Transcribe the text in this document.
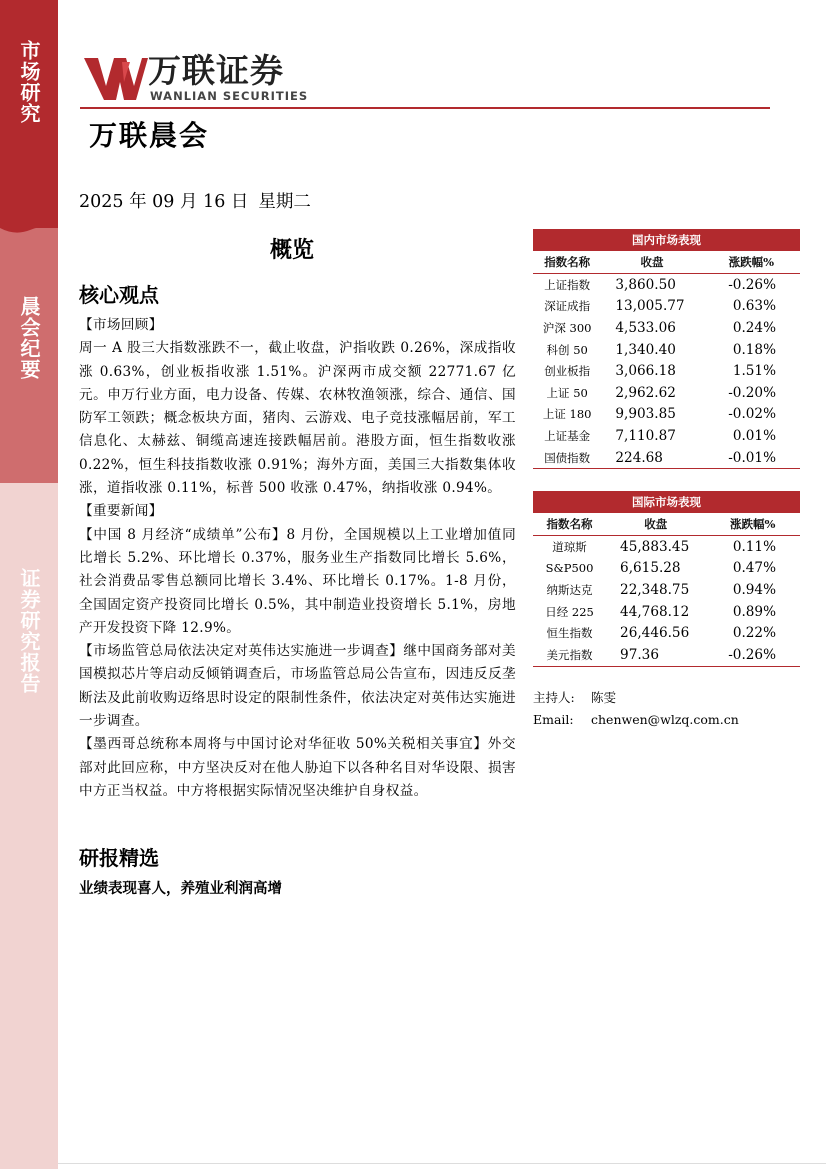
市场研究
晨会纪要
证券研究报告
万联证券
WANLIAN SECURITIES
万联晨会
2025 年 09 月 16 日 星期二
概览
核心观点

【市场回顾】

周一 A 股三大指数涨跌不一，截止收盘，沪指收跌 0.26%，深成指收涨 0.63%，创业板指收涨 1.51%。沪深两市成交额 22771.67 亿元。申万行业方面，电力设备、传媒、农林牧渔领涨，综合、通信、国防军工领跌；概念板块方面，猪肉、云游戏、电子竞技涨幅居前，军工信息化、太赫兹、铜缆高速连接跌幅居前。港股方面，恒生指数收涨 0.22%，恒生科技指数收涨 0.91%；海外方面，美国三大指数集体收涨，道指收涨 0.11%，标普 500 收涨 0.47%，纳指收涨 0.94%。

【重要新闻】

【中国 8 月经济“成绩单”公布】8 月份，全国规模以上工业增加值同比增长 5.2%、环比增长 0.37%，服务业生产指数同比增长 5.6%，社会消费品零售总额同比增长 3.4%、环比增长 0.17%。1-8 月份，全国固定资产投资同比增长 0.5%，其中制造业投资增长 5.1%，房地产开发投资下降 12.9%。

【市场监管总局依法决定对英伟达实施进一步调查】继中国商务部对美国模拟芯片等启动反倾销调查后，市场监管总局公告宣布，因违反反垄断法及此前收购迈络思时设定的限制性条件，依法决定对英伟达实施进一步调查。

【墨西哥总统称本周将与中国讨论对华征收 50%关税相关事宜】外交部对此回应称，中方坚决反对在他人胁迫下以各种名目对华设限、损害中方正当权益。中方将根据实际情况坚决维护自身权益。

研报精选
业绩表现喜人，养殖业利润高增
国内市场表现		
指数名称	收盘	涨跌幅%
上证指数	3,860.50	-0.26%
深证成指	13,005.77	0.63%
沪深 300	4,533.06	0.24%
科创 50	1,340.40	0.18%
创业板指	3,066.18	1.51%
上证 50	2,962.62	-0.20%
上证 180	9,903.85	-0.02%
上证基金	7,110.87	0.01%
国债指数	224.68	-0.01%
国际市场表现		
指数名称	收盘	涨跌幅%
道琼斯	45,883.45	0.11%
S&P500	6,615.28	0.47%
纳斯达克	22,348.75	0.94%
日经 225	44,768.12	0.89%
恒生指数	26,446.56	0.22%
美元指数	97.36	-0.26%
主持人: 陈雯
Email: chenwen@wlzq.com.cn
